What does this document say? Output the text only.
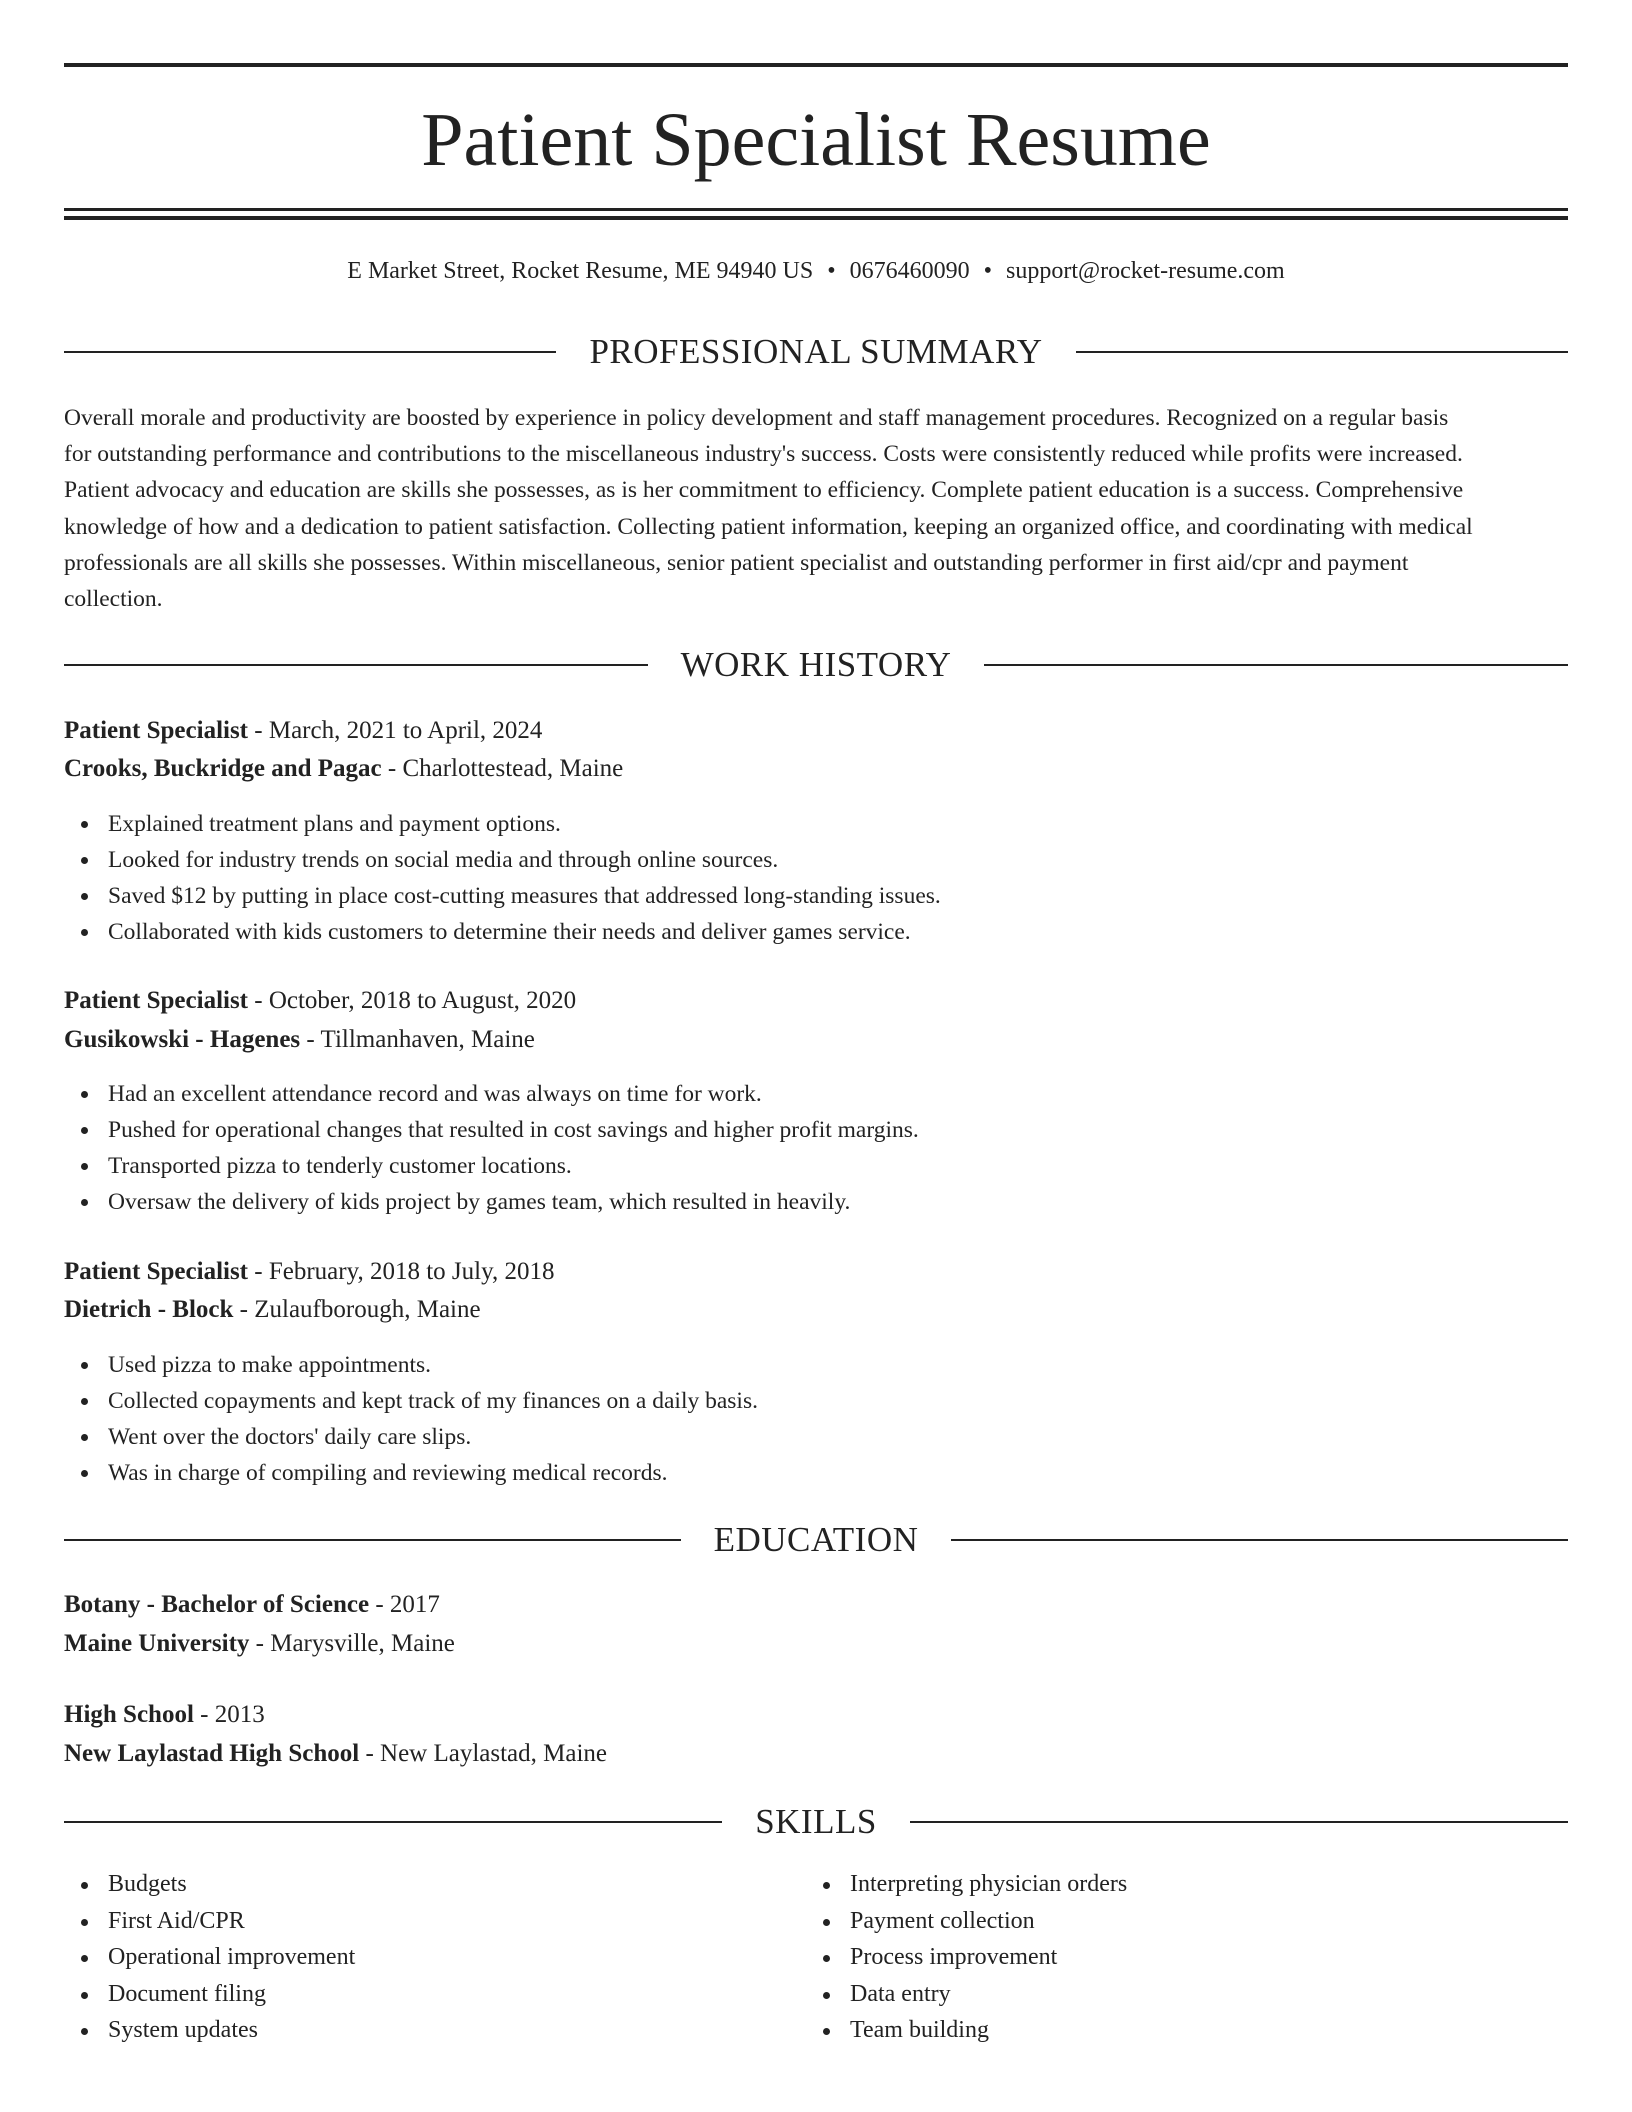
Patient Specialist Resume
E Market Street, Rocket Resume, ME 94940 US • 0676460090 • support@rocket-resume.com
PROFESSIONAL SUMMARY
Overall morale and productivity are boosted by experience in policy development and staff management procedures. Recognized on a regular basis
for outstanding performance and contributions to the miscellaneous industry's success. Costs were consistently reduced while profits were increased.
Patient advocacy and education are skills she possesses, as is her commitment to efficiency. Complete patient education is a success. Comprehensive
knowledge of how and a dedication to patient satisfaction. Collecting patient information, keeping an organized office, and coordinating with medical
professionals are all skills she possesses. Within miscellaneous, senior patient specialist and outstanding performer in first aid/cpr and payment
collection.
WORK HISTORY
Patient Specialist - March, 2021 to April, 2024
Crooks, Buckridge and Pagac - Charlottestead, Maine
Explained treatment plans and payment options.
Looked for industry trends on social media and through online sources.
Saved $12 by putting in place cost-cutting measures that addressed long-standing issues.
Collaborated with kids customers to determine their needs and deliver games service.
Patient Specialist - October, 2018 to August, 2020
Gusikowski - Hagenes - Tillmanhaven, Maine
Had an excellent attendance record and was always on time for work.
Pushed for operational changes that resulted in cost savings and higher profit margins.
Transported pizza to tenderly customer locations.
Oversaw the delivery of kids project by games team, which resulted in heavily.
Patient Specialist - February, 2018 to July, 2018
Dietrich - Block - Zulaufborough, Maine
Used pizza to make appointments.
Collected copayments and kept track of my finances on a daily basis.
Went over the doctors' daily care slips.
Was in charge of compiling and reviewing medical records.
EDUCATION
Botany - Bachelor of Science - 2017
Maine University - Marysville, Maine
High School - 2013
New Laylastad High School - New Laylastad, Maine
SKILLS
Budgets
First Aid/CPR
Operational improvement
Document filing
System updates
Interpreting physician orders
Payment collection
Process improvement
Data entry
Team building
